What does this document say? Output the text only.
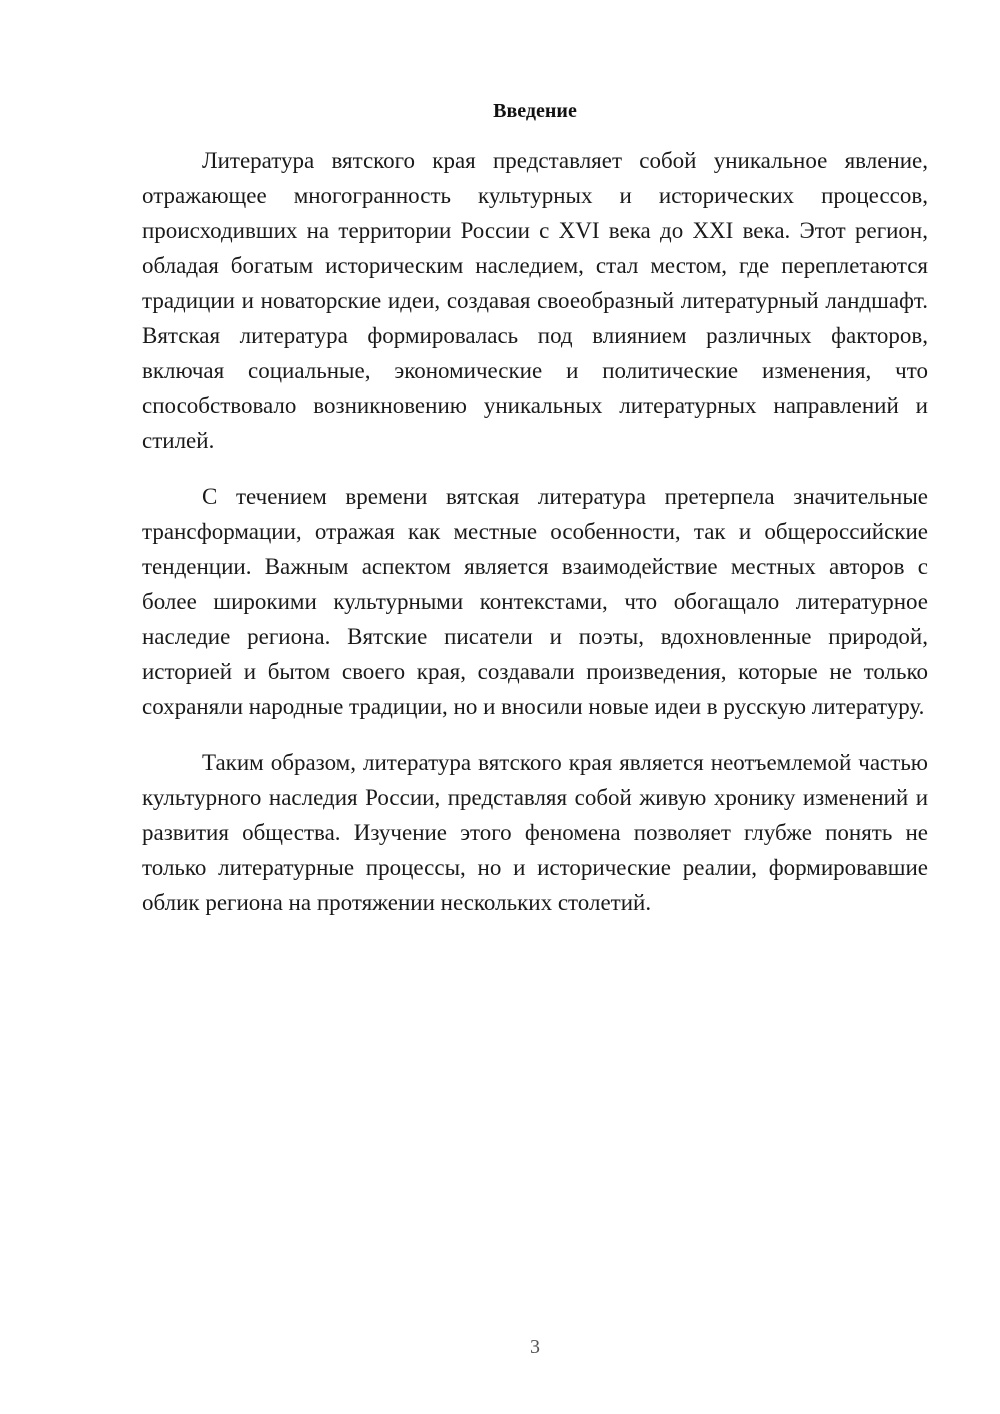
Введение

Литература вятского края представляет собой уникальное явление, отражающее многогранность культурных и исторических процессов, происходивших на территории России с XVI века до XXI века. Этот регион, обладая богатым историческим наследием, стал местом, где переплетаются традиции и новаторские идеи, создавая своеобразный литературный ландшафт. Вятская литература формировалась под влиянием различных факторов, включая социальные, экономические и политические изменения, что способствовало возникновению уникальных литературных направлений и стилей.

С течением времени вятская литература претерпела значительные трансформации, отражая как местные особенности, так и общероссийские тенденции. Важным аспектом является взаимодействие местных авторов с более широкими культурными контекстами, что обогащало литературное наследие региона. Вятские писатели и поэты, вдохновленные природой, историей и бытом своего края, создавали произведения, которые не только сохраняли народные традиции, но и вносили новые идеи в русскую литературу.

Таким образом, литература вятского края является неотъемлемой частью культурного наследия России, представляя собой живую хронику изменений и развития общества. Изучение этого феномена позволяет глубже понять не только литературные процессы, но и исторические реалии, формировавшие облик региона на протяжении нескольких столетий.

3
